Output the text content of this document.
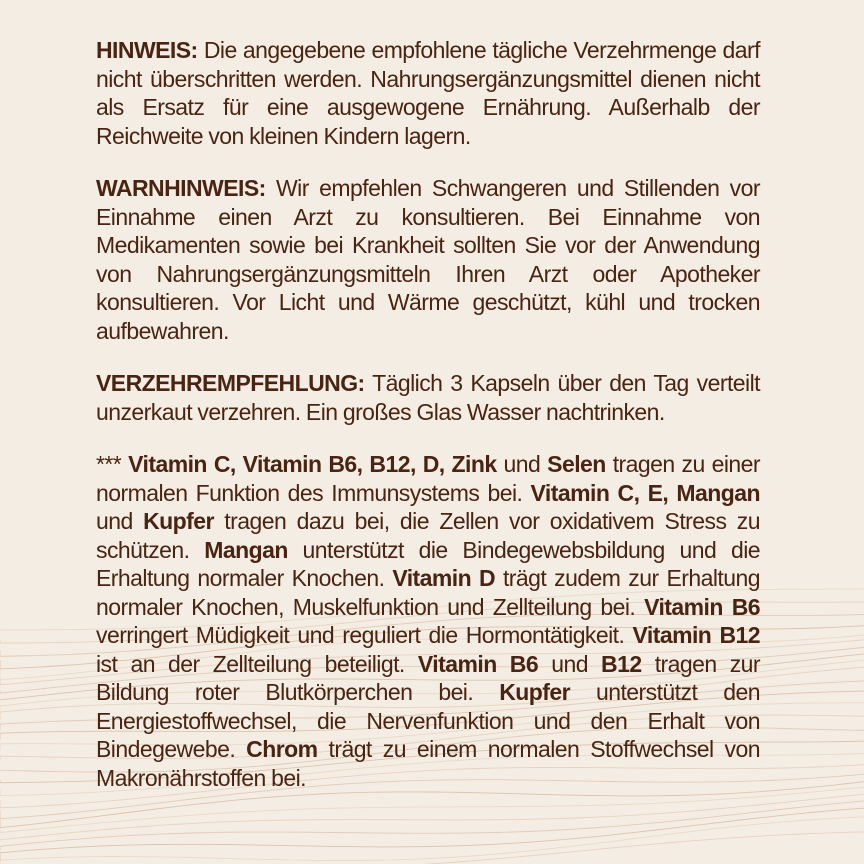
HINWEIS: Die angegebene empfohlene tägliche Verzehrmenge darf nicht überschritten werden. Nahrungsergänzungsmittel dienen nicht als Ersatz für eine ausgewogene Ernährung. Außerhalb der Reichweite von kleinen Kindern lagern.

WARNHINWEIS: Wir empfehlen Schwangeren und Stillenden vor Einnahme einen Arzt zu konsultieren. Bei Einnahme von Medikamenten sowie bei Krankheit sollten Sie vor der Anwendung von Nahrungsergänzungsmitteln Ihren Arzt oder Apotheker konsultieren. Vor Licht und Wärme geschützt, kühl und trocken aufbewahren.

VERZEHREMPFEHLUNG: Täglich 3 Kapseln über den Tag verteilt unzerkaut verzehren. Ein großes Glas Wasser nachtrinken.

*** Vitamin C, Vitamin B6, B12, D, Zink und Selen tragen zu einer normalen Funktion des Immunsystems bei. Vitamin C, E, Mangan und Kupfer tragen dazu bei, die Zellen vor oxidativem Stress zu schützen. Mangan unterstützt die Bindegewebsbildung und die Erhaltung normaler Knochen. Vitamin D trägt zudem zur Erhaltung normaler Knochen, Muskelfunktion und Zellteilung bei. Vitamin B6 verringert Müdigkeit und reguliert die Hormontätigkeit. Vitamin B12 ist an der Zellteilung beteiligt. Vitamin B6 und B12 tragen zur Bildung roter Blutkörperchen bei. Kupfer unterstützt den Energiestoffwechsel, die Nervenfunktion und den Erhalt von Bindegewebe. Chrom trägt zu einem normalen Stoffwechsel von Makronährstoffen bei.
